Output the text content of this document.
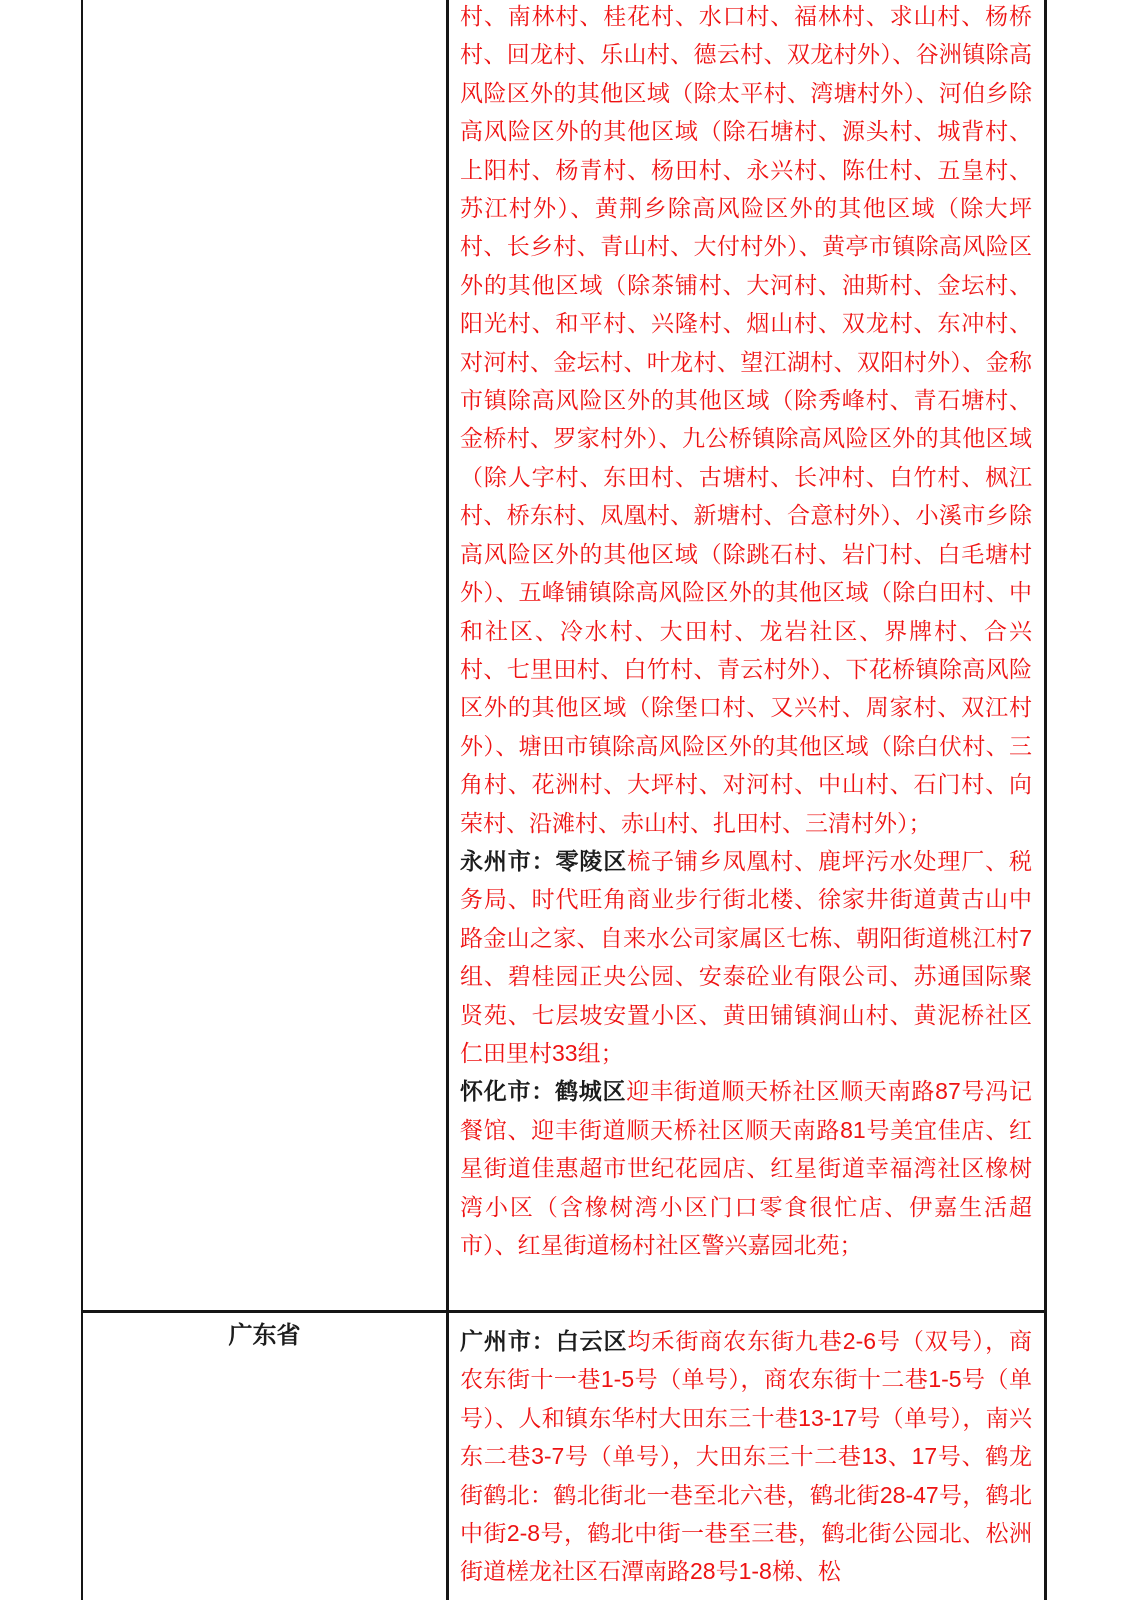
村、南林村、桂花村、水口村、福林村、求山村、杨桥村、回龙村、乐山村、德云村、双龙村外）、谷洲镇除高风险区外的其他区域（除太平村、湾塘村外）、河伯乡除高风险区外的其他区域（除石塘村、源头村、城背村、上阳村、杨青村、杨田村、永兴村、陈仕村、五皇村、苏江村外）、黄荆乡除高风险区外的其他区域（除大坪村、长乡村、青山村、大付村外）、黄亭市镇除高风险区外的其他区域（除茶铺村、大河村、油斯村、金坛村、阳光村、和平村、兴隆村、烟山村、双龙村、东冲村、对河村、金坛村、叶龙村、望江湖村、双阳村外）、金称市镇除高风险区外的其他区域（除秀峰村、青石塘村、金桥村、罗家村外）、九公桥镇除高风险区外的其他区域（除人字村、东田村、古塘村、长冲村、白竹村、枫江村、桥东村、凤凰村、新塘村、合意村外）、小溪市乡除高风险区外的其他区域（除跳石村、岩门村、白毛塘村外）、五峰铺镇除高风险区外的其他区域（除白田村、中和社区、冷水村、大田村、龙岩社区、界牌村、合兴村、七里田村、白竹村、青云村外）、下花桥镇除高风险区外的其他区域（除堡口村、又兴村、周家村、双江村外）、塘田市镇除高风险区外的其他区域（除白伏村、三角村、花洲村、大坪村、对河村、中山村、石门村、向荣村、沿滩村、赤山村、扎田村、三清村外）；

永州市：零陵区梳子铺乡凤凰村、鹿坪污水处理厂、税务局、时代旺角商业步行街北楼、徐家井街道黄古山中路金山之家、自来水公司家属区七栋、朝阳街道桃江村7组、碧桂园正央公园、安泰砼业有限公司、苏通国际聚贤苑、七层坡安置小区、黄田铺镇涧山村、黄泥桥社区仁田里村33组；

怀化市：鹤城区迎丰街道顺天桥社区顺天南路87号冯记餐馆、迎丰街道顺天桥社区顺天南路81号美宜佳店、红星街道佳惠超市世纪花园店、红星街道幸福湾社区橡树湾小区（含橡树湾小区门口零食很忙店、伊嘉生活超市）、红星街道杨村社区警兴嘉园北苑；

广东省	广州市：白云区均禾街商农东街九巷2-6号（双号），商农东街十一巷1-5号（单号），商农东街十二巷1-5号（单号）、人和镇东华村大田东三十巷13-17号（单号），南兴东二巷3-7号（单号），大田东三十二巷13、17号、鹤龙街鹤北：鹤北街北一巷至北六巷，鹤北街28-47号，鹤北中街2-8号，鹤北中街一巷至三巷，鹤北街公园北、松洲街道槎龙社区石潭南路28号1-8梯、松
